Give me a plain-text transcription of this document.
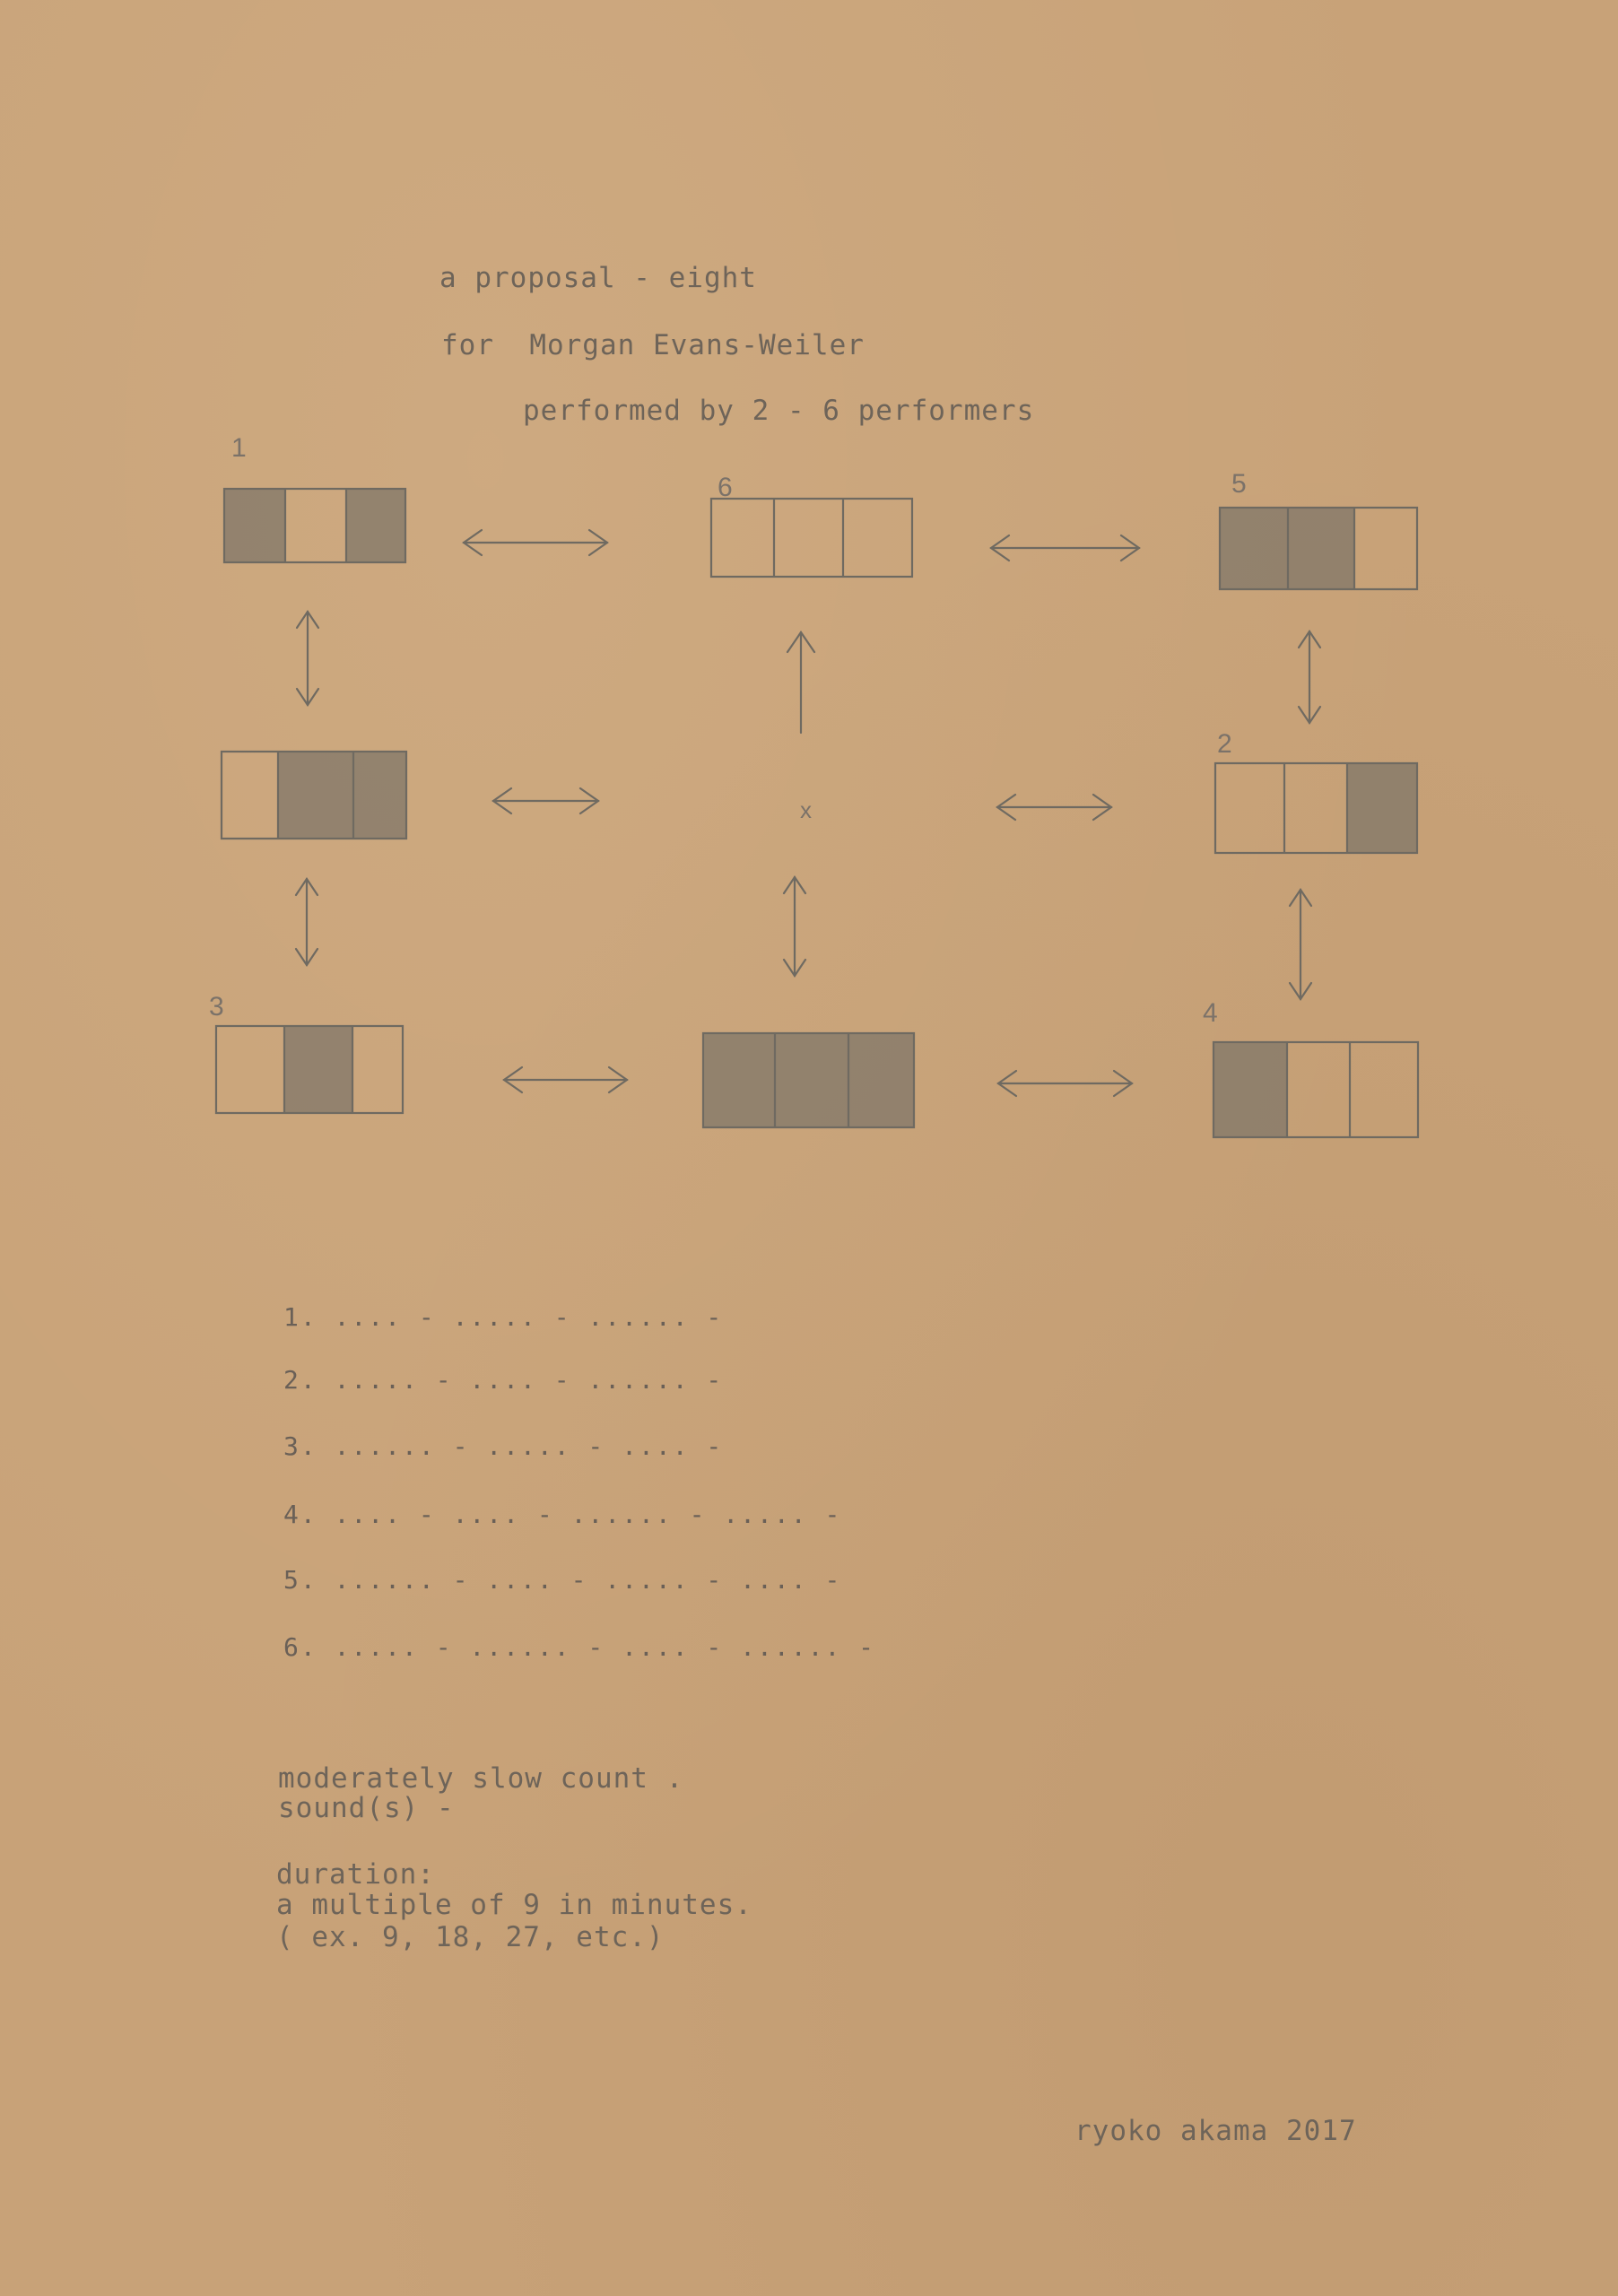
a proposal - eight
for  Morgan Evans-Weiler
performed by 2 - 6 performers
1
6	5
2
3	4
x
1. .... - ..... - ...... -
2. ..... - .... - ...... -
3. ...... - ..... - .... -
4. .... - .... - ...... - ..... -
5. ...... - .... - ..... - .... -
6. ..... - ...... - .... - ...... -
moderately slow count .
sound(s) -
duration:
a multiple of 9 in minutes.
( ex. 9, 18, 27, etc.)
ryoko akama 2017
